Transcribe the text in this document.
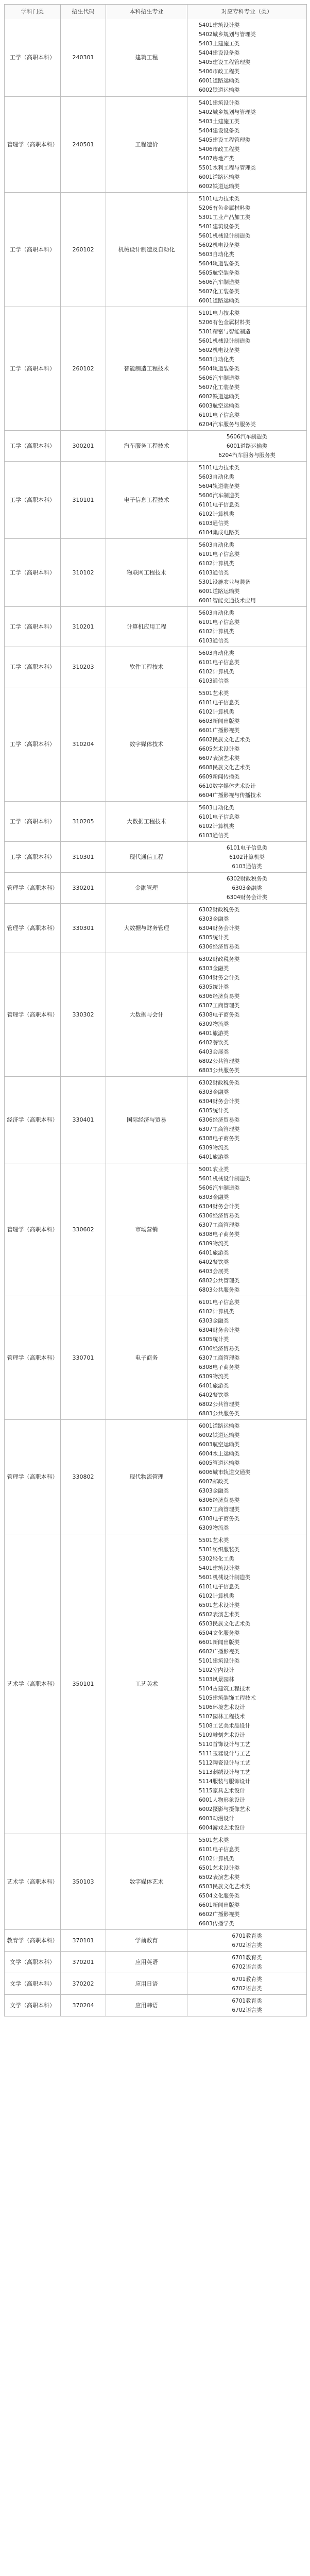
学科门类	招生代码	本科招生专业	对应专科专业（类）
工学（高职本科）	240301	建筑工程
5401建筑设计类
5402城乡规划与管理类
5403土建施工类
5404建设设备类
5405建设工程管理类
5406市政工程类
6001道路运输类
6002铁道运输类
管理学（高职本科）	240501	工程造价
5401建筑设计类
5402城乡规划与管理类
5403土建施工类
5404建设设备类
5405建设工程管理类
5406市政工程类
5407房地产类
5501水利工程与管理类
6001道路运输类
6002铁道运输类
工学（高职本科）	260102	机械设计制造及自动化
5101电力技术类
5206有色金属材料类
5301工业产品加工类
5401建筑设备类
5601机械设计制造类
5602机电设备类
5603自动化类
5604轨道装备类
5605航空装备类
5606汽车制造类
5607化工装备类
6001道路运输类
工学（高职本科）	260102	智能制造工程技术
5101电力技术类
5206有色金属材料类
5301精密与智能制造
5601机械设计制造类
5602机电设备类
5603自动化类
5604轨道装备类
5606汽车制造类
5607化工装备类
6002铁道运输类
6003航空运输类
6101电子信息类
6204汽车服务与服务类
工学（高职本科）	300201	汽车服务工程技术
5606汽车制造类
6001道路运输类
6204汽车服务与服务类
工学（高职本科）	310101	电子信息工程技术
5101电力技术类
5603自动化类
5604轨道装备类
5606汽车制造类
6101电子信息类
6102计算机类
6103通信类
6104集成电路类
工学（高职本科）	310102	物联网工程技术
5603自动化类
6101电子信息类
6102计算机类
6103通信类
5301设施农业与装备
6001道路运输类
6001智能交通技术应用
工学（高职本科）	310201	计算机应用工程
5603自动化类
6101电子信息类
6102计算机类
6103通信类
工学（高职本科）	310203	软件工程技术
5603自动化类
6101电子信息类
6102计算机类
6103通信类
工学（高职本科）	310204	数字媒体技术
5501艺术类
6101电子信息类
6102计算机类
6603新闻出版类
6601广播影视类
6602民族文化艺术类
6605艺术设计类
6607表演艺术类
6608民族文化艺术类
6609新闻传播类
6610数字媒体艺术设计
6604广播影视与传播技术
工学（高职本科）	310205	大数据工程技术
5603自动化类
6101电子信息类
6102计算机类
6103通信类
工学（高职本科）	310301	现代通信工程
6101电子信息类
6102计算机类
6103通信类
管理学（高职本科）	330201	金融管理
6302财政税务类
6303金融类
6304财务会计类
管理学（高职本科）	330301	大数据与财务管理
6302财政税务类
6303金融类
6304财务会计类
6305统计类
6306经济贸易类
管理学（高职本科）	330302	大数据与会计
6302财政税务类
6303金融类
6304财务会计类
6305统计类
6306经济贸易类
6307工商管理类
6308电子商务类
6309物流类
6401旅游类
6402餐饮类
6403会展类
6802公共管理类
6803公共服务类
经济学（高职本科）	330401	国际经济与贸易
6302财政税务类
6303金融类
6304财务会计类
6305统计类
6306经济贸易类
6307工商管理类
6308电子商务类
6309物流类
6401旅游类
管理学（高职本科）	330602	市场营销
5001农业类
5601机械设计制造类
5606汽车制造类
6303金融类
6304财务会计类
6306经济贸易类
6307工商管理类
6308电子商务类
6309物流类
6401旅游类
6402餐饮类
6403会展类
6802公共管理类
6803公共服务类
管理学（高职本科）	330701	电子商务
6101电子信息类
6102计算机类
6303金融类
6304财务会计类
6305统计类
6306经济贸易类
6307工商管理类
6308电子商务类
6309物流类
6401旅游类
6402餐饮类
6802公共管理类
6803公共服务类
管理学（高职本科）	330802	现代物流管理
6001道路运输类
6002铁道运输类
6003航空运输类
6004水上运输类
6005管道运输类
6006城市轨道交通类
6007邮政类
6303金融类
6306经济贸易类
6307工商管理类
6308电子商务类
6309物流类
艺术学（高职本科）	350101	工艺美术
5501艺术类
5301纺织服装类
5302轻化工类
5401建筑设计类
5601机械设计制造类
6101电子信息类
6102计算机类
6501艺术设计类
6502表演艺术类
6503民族文化艺术类
6504文化服务类
6601新闻出版类
6602广播影视类
5101建筑设计类
5102室内设计
5103风景园林
5104古建筑工程技术
5105建筑装饰工程技术
5106环境艺术设计
5107园林工程技术
5108工艺美术品设计
5109雕刻艺术设计
5110首饰设计与工艺
5111玉器设计与工艺
5112陶瓷设计与工艺
5113刺绣设计与工艺
5114服装与服饰设计
5115家具艺术设计
6001人物形象设计
6002摄影与摄像艺术
6003动漫设计
6004游戏艺术设计
艺术学（高职本科）	350103	数字媒体艺术
5501艺术类
6101电子信息类
6102计算机类
6501艺术设计类
6502表演艺术类
6503民族文化艺术类
6504文化服务类
6601新闻出版类
6602广播影视类
6603传播学类
教育学（高职本科）	370101	学前教育
6701教育类
6702语言类
文学（高职本科）	370201	应用英语
6701教育类
6702语言类
文学（高职本科）	370202	应用日语
6701教育类
6702语言类
文学（高职本科）	370204	应用韩语
6701教育类
6702语言类
